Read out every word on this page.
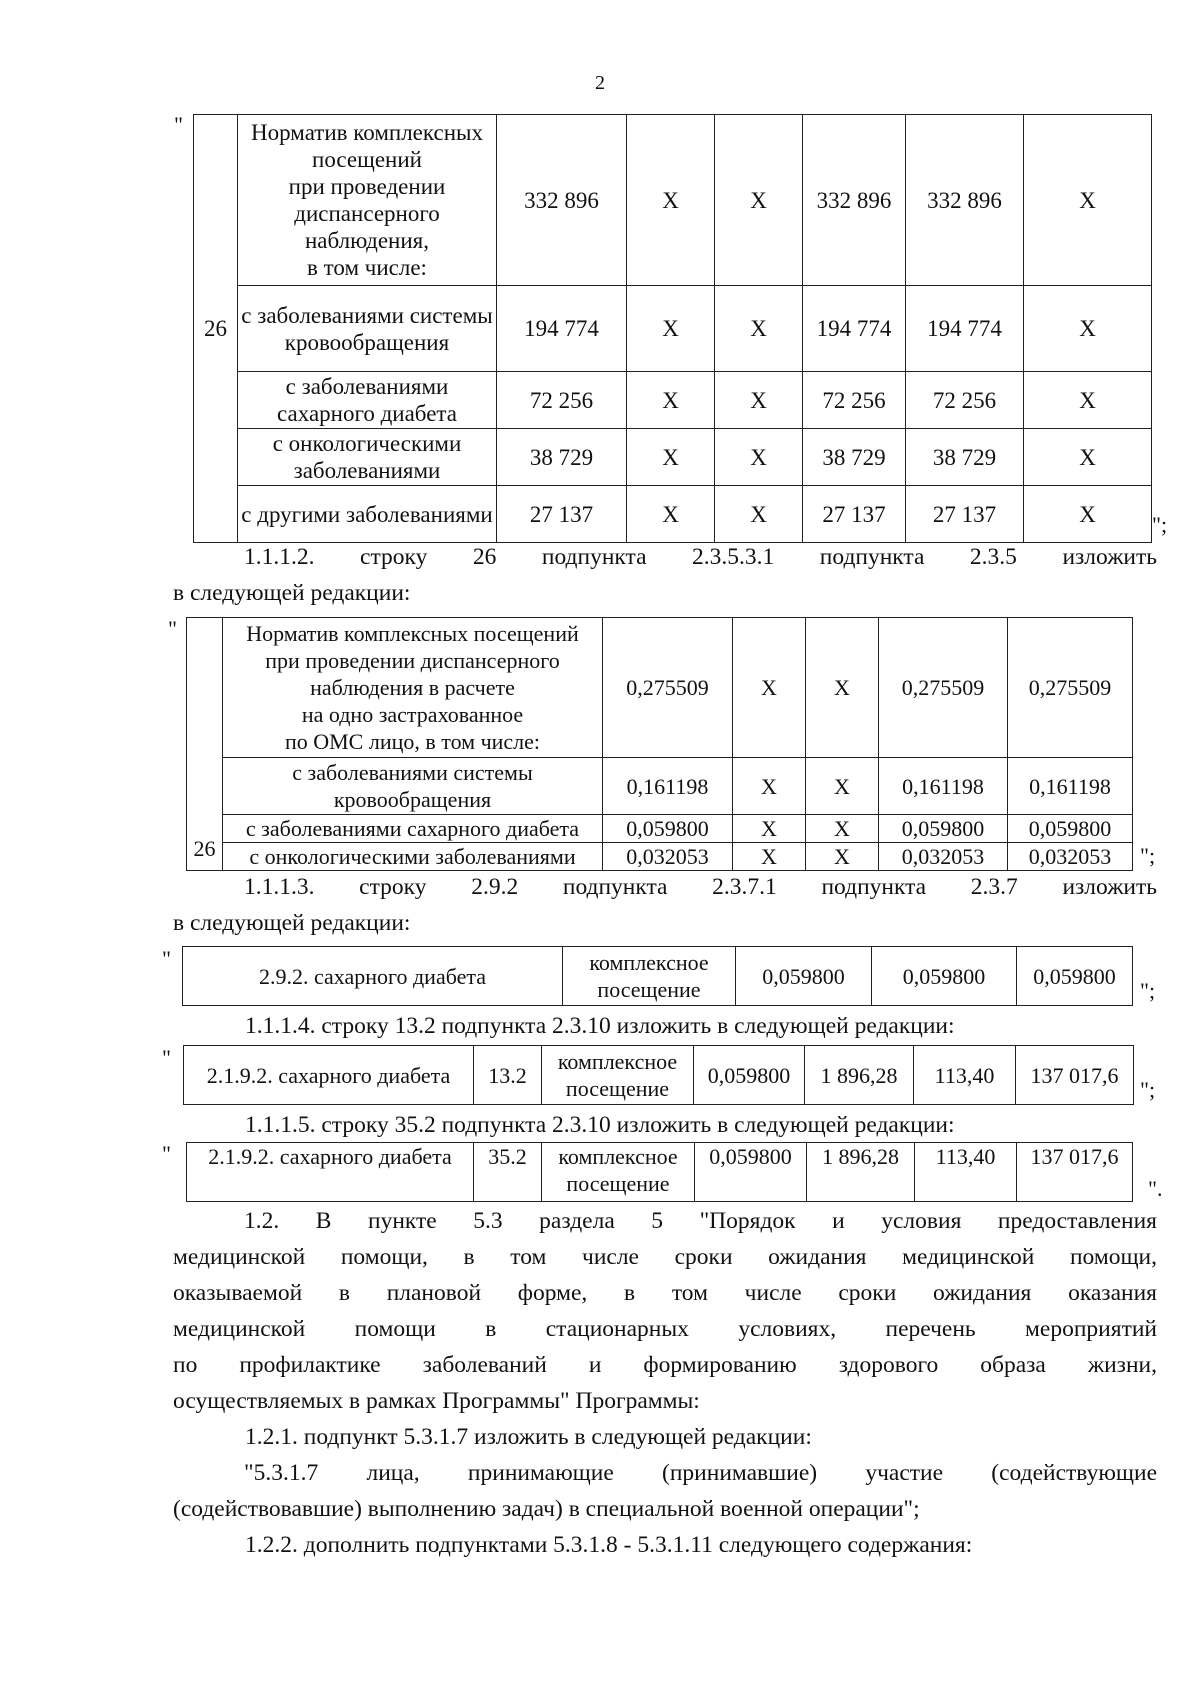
2
"
26	Норматив комплексных посещений
при проведении диспансерного наблюдения,
в том числе:	332 896	X	X	332 896	332 896	X
	с заболеваниями системы кровообращения	194 774	X	X	194 774	194 774	X
	с заболеваниями сахарного диабета	72 256	X	X	72 256	72 256	X
	с онкологическими заболеваниями	38 729	X	X	38 729	38 729	X
	с другими заболеваниями	27 137	X	X	27 137	27 137	X	";
1.1.1.2. строку 26 подпункта 2.3.5.3.1 подпункта 2.3.5 изложить
в следующей редакции:
"
26	Норматив комплексных посещений
при проведении диспансерного
наблюдения в расчете
на одно застрахованное
по ОМС лицо, в том числе:	0,275509	X	X	0,275509	0,275509
	с заболеваниями системы
кровообращения	0,161198	X	X	0,161198	0,161198
	с заболеваниями сахарного диабета	0,059800	X	X	0,059800	0,059800
	с онкологическими заболеваниями	0,032053	X	X	0,032053	0,032053 ";
1.1.1.3. строку 2.9.2 подпункта 2.3.7.1 подпункта 2.3.7 изложить
в следующей редакции:
"
2.9.2. сахарного диабета	комплексное
посещение	0,059800	0,059800	0,059800
";
1.1.1.4. строку 13.2 подпункта 2.3.10 изложить в следующей редакции:
"
2.1.9.2. сахарного диабета	13.2	комплексное
посещение	0,059800	1 896,28	113,40	137 017,6
";
1.1.1.5. строку 35.2 подпункта 2.3.10 изложить в следующей редакции:
" 2.1.9.2. сахарного диабета	35.2	комплексное
посещение	0,059800	1 896,28	113,40	137 017,6
".
1.2. В пункте 5.3 раздела 5 "Порядок и условия предоставления
медицинской помощи, в том числе сроки ожидания медицинской помощи,
оказываемой в плановой форме, в том числе сроки ожидания оказания
медицинской помощи в стационарных условиях, перечень мероприятий
по профилактике заболеваний и формированию здорового образа жизни,
осуществляемых в рамках Программы" Программы:
1.2.1. подпункт 5.3.1.7 изложить в следующей редакции:
"5.3.1.7 лица, принимающие (принимавшие) участие (содействующие
(содействовавшие) выполнению задач) в специальной военной операции";
1.2.2. дополнить подпунктами 5.3.1.8 - 5.3.1.11 следующего содержания:
